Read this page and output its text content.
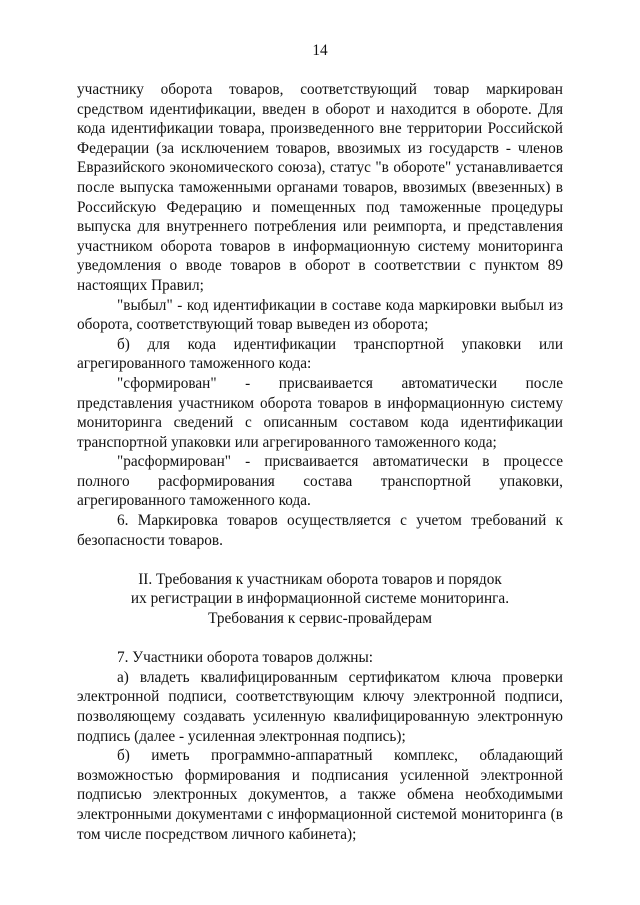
14

участнику оборота товаров, соответствующий товар маркирован средством идентификации, введен в оборот и находится в обороте. Для кода идентификации товара, произведенного вне территории Российской Федерации (за исключением товаров, ввозимых из государств - членов Евразийского экономического союза), статус "в обороте" устанавливается после выпуска таможенными органами товаров, ввозимых (ввезенных) в Российскую Федерацию и помещенных под таможенные процедуры выпуска для внутреннего потребления или реимпорта, и представления участником оборота товаров в информационную систему мониторинга уведомления о вводе товаров в оборот в соответствии с пунктом 89 настоящих Правил;

"выбыл" - код идентификации в составе кода маркировки выбыл из оборота, соответствующий товар выведен из оборота;

б) для кода идентификации транспортной упаковки или агрегированного таможенного кода:

"сформирован" - присваивается автоматически после представления участником оборота товаров в информационную систему мониторинга сведений с описанным составом кода идентификации транспортной упаковки или агрегированного таможенного кода;

"расформирован" - присваивается автоматически в процессе полного расформирования состава транспортной упаковки, агрегированного таможенного кода.

6. Маркировка товаров осуществляется с учетом требований к безопасности товаров.

II. Требования к участникам оборота товаров и порядок

их регистрации в информационной системе мониторинга.

Требования к сервис-провайдерам

7. Участники оборота товаров должны:

а) владеть квалифицированным сертификатом ключа проверки электронной подписи, соответствующим ключу электронной подписи, позволяющему создавать усиленную квалифицированную электронную подпись (далее - усиленная электронная подпись);

б) иметь программно-аппаратный комплекс, обладающий возможностью формирования и подписания усиленной электронной подписью электронных документов, а также обмена необходимыми электронными документами с информационной системой мониторинга (в том числе посредством личного кабинета);
